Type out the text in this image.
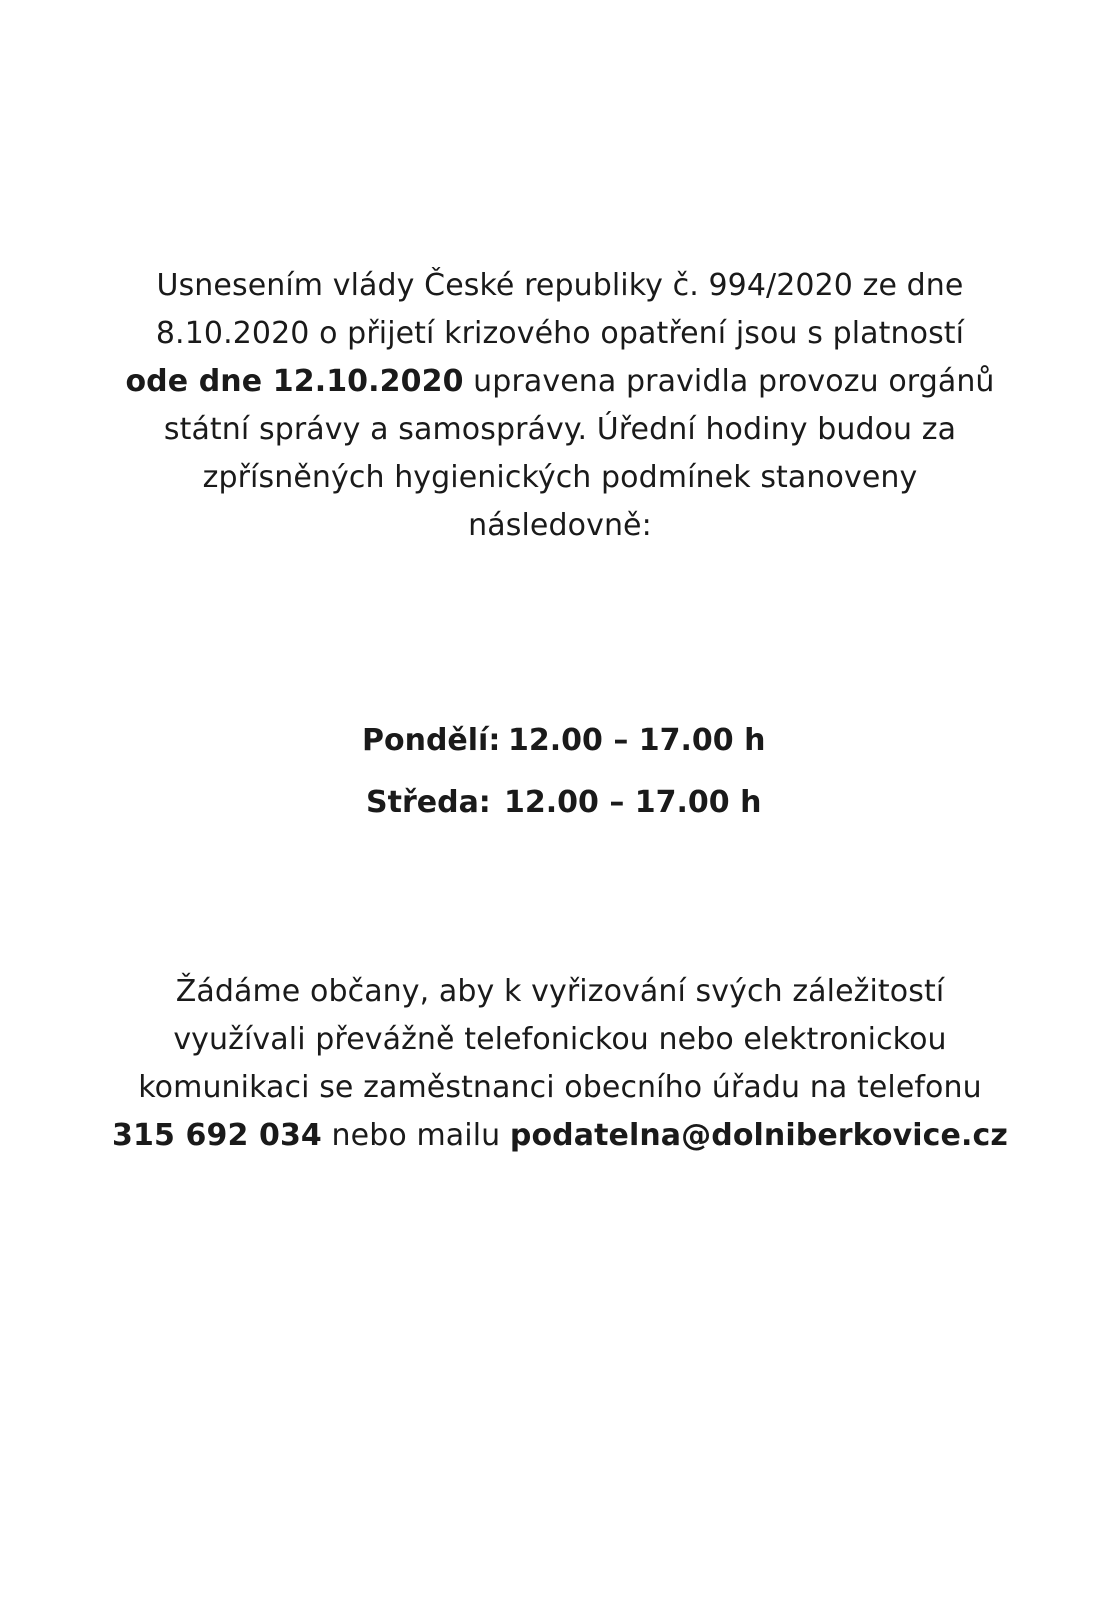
Usnesením vlády České republiky č. 994/2020 ze dne
8.10.2020 o přijetí krizového opatření jsou s platností
ode dne 12.10.2020 upravena pravidla provozu orgánů
státní správy a samosprávy. Úřední hodiny budou za
zpřísněných hygienických podmínek stanoveny
následovně:
Pondělí: 12.00 – 17.00 h
Středa: 12.00 – 17.00 h
Žádáme občany, aby k vyřizování svých záležitostí
využívali převážně telefonickou nebo elektronickou
komunikaci se zaměstnanci obecního úřadu na telefonu
315 692 034 nebo mailu podatelna@dolniberkovice.cz
